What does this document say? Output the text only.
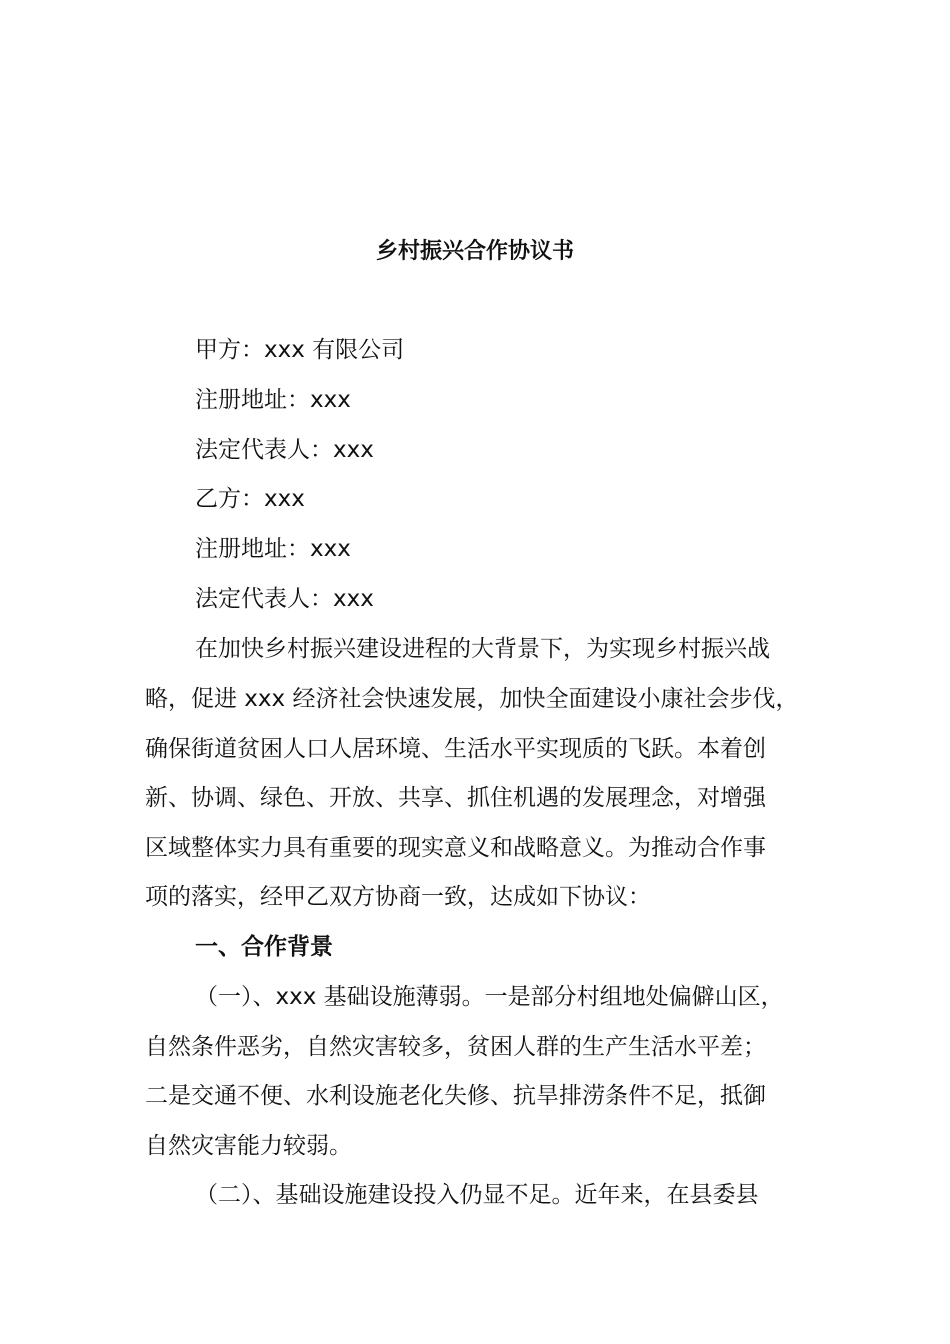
乡村振兴合作协议书
甲方：xxx 有限公司
注册地址：xxx
法定代表人：xxx
乙方：xxx
注册地址：xxx
法定代表人：xxx
在加快乡村振兴建设进程的大背景下，为实现乡村振兴战
略，促进 xxx 经济社会快速发展，加快全面建设小康社会步伐，
确保街道贫困人口人居环境、生活水平实现质的飞跃。本着创
新、协调、绿色、开放、共享、抓住机遇的发展理念，对增强
区域整体实力具有重要的现实意义和战略意义。为推动合作事
项的落实，经甲乙双方协商一致，达成如下协议：
一、合作背景
（一）、xxx 基础设施薄弱。一是部分村组地处偏僻山区，
自然条件恶劣，自然灾害较多，贫困人群的生产生活水平差；
二是交通不便、水利设施老化失修、抗旱排涝条件不足，抵御
自然灾害能力较弱。
（二）、基础设施建设投入仍显不足。近年来，在县委县
